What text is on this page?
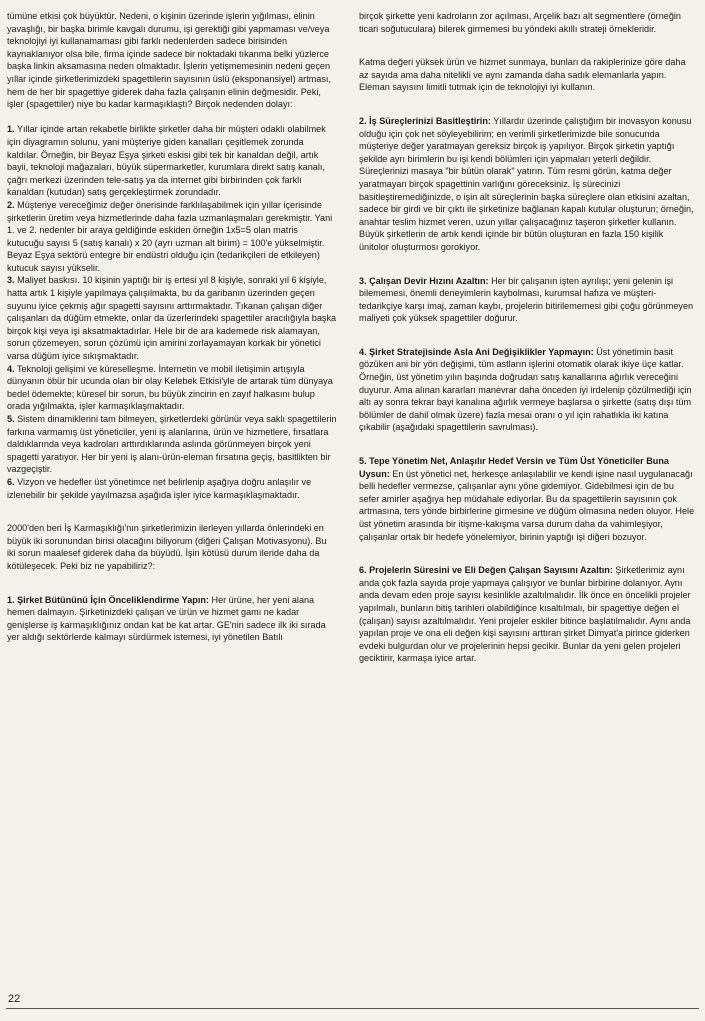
tümüne etkisi çok büyüktür. Nedeni, o kişinin üzerinde işlerin yığılması, elinin yavaşlığı, bir başka birimle kavgalı durumu, işi gerektiği gibi yapmaması ve/veya teknolojiyi iyi kullanamaması gibi farklı nedenlerden sadece birisinden kaynaklanıyor olsa bile, firma içinde sadece bir noktadaki tıkanma belki yüzlerce başka linkin aksamasına neden olmaktadır. İşlerin yetişmemesinin nedeni geçen yıllar içinde şirketlerimizdeki spagettilerin sayısının üslü (eksponansiyel) artması, hem de her bir spagettiye giderek daha fazla çalışanın elinin değmesidir. Peki, işler (spagettiler) niye bu kadar karmaşıklaştı? Birçok nedenden dolayı:

1. Yıllar içinde artan rekabetle birlikte şirketler daha bir müşteri odaklı olabilmek için diyagramın solunu, yani müşteriye giden kanalları çeşitlemek zorunda kaldılar. Örneğin, bir Beyaz Eşya şirketi eskisi gibi tek bir kanaldan değil, artık bayii, teknoloji mağazaları, büyük süpermarketler, kurumlara direkt satış kanalı, çağrı merkezi üzerinden tele-satış ya da internet gibi birbirinden çok farklı kanaldan (kutudan) satış gerçekleştirmek zorundadır.

2. Müşteriye vereceğimiz değer önerisinde farklılaşabilmek için yıllar içerisinde şirketlerin üretim veya hizmetlerinde daha fazla uzmanlaşmaları gerekmiştir. Yani 1. ve 2. nedenler bir araya geldiğinde eskiden örneğin 1x5=5 olan matris kutucuğu sayısı 5 (satış kanalı) x 20 (ayrı uzman alt birim) = 100'e yükselmiştir. Beyaz Eşya sektörü entegre bir endüstri olduğu için (tedarikçileri de etkileyen) kutucuk sayısı yükselir.

3. Maliyet baskısı. 10 kişinin yaptığı bir iş ertesi yıl 8 kişiyle, sonraki yıl 6 kişiyle, hatta artık 1 kişiyle yapılmaya çalışılmakta, bu da garibanın üzerinden geçen suyunu iyice çekmiş ağır spagetti sayısını arttırmaktadır. Tıkanan çalışan diğer çalışanları da düğüm etmekte, onlar da üzerlerindeki spagettiler aracılığıyla başka birçok kişi veya işi aksatmaktadırlar. Hele bir de ara kademede risk alamayan, sorun çözemeyen, sorun çözümü için amirini zorlayamayan korkak bir yönetici varsa düğüm iyice sıkışmaktadır.

4. Teknoloji gelişimi ve küreselleşme. İnternetin ve mobil iletişimin artışıyla dünyanın öbür bir ucunda olan bir olay Kelebek Etkisi'yle de artarak tüm dünyaya bedel ödemekte; küresel bir sorun, bu büyük zincirin en zayıf halkasını bulup orada yığılmakta, işler karmaşıklaşmaktadır.

5. Sistem dinamiklerini tam bilmeyen, şirketlerdeki görünür veya saklı spagettilerin farkına varmamış üst yöneticiler, yeni iş alanlarına, ürün ve hizmetlere, fırsatlara daldıklarında veya kadroları arttırdıklarında aslında görünmeyen birçok yeni spagetti yaratıyor. Her bir yeni iş alanı-ürün-eleman fırsatına geçiş, basitlikten bir vazgeçiştir.

6. Vizyon ve hedefler üst yönetimce net belirlenip aşağıya doğru anlaşılır ve izlenebilir bir şekilde yayılmazsa aşağıda işler iyice karmaşıklaşmaktadır.

2000'den beri İş Karmaşıklığı'nın şirketlerimizin ilerleyen yıllarda önlerindeki en büyük iki sorunundan birisi olacağını biliyorum (diğeri Çalışan Motivasyonu). Bu iki sorun maalesef giderek daha da büyüdü. İşin kötüsü durum ileride daha da kötüleşecek. Peki biz ne yapabiliriz?:

1. Şirket Bütününü İçin Önceliklendirme Yapın: Her ürüne, her yeni alana hemen dalmayın. Şirketinizdeki çalışan ve ürün ve hizmet gamı ne kadar genişlerse iş karmaşıklığınız ondan kat be kat artar. GE'nin sadece ilk iki sırada yer aldığı sektörlerde kalmayı sürdürmek istemesi, iyi yönetilen Batılı

birçok şirkette yeni kadroların zor açılması, Arçelik bazı alt segmentlere (örneğin ticari soğutuculara) bilerek girmemesi bu yöndeki akıllı strateji örnekleridir.

Katma değeri yüksek ürün ve hizmet sunmaya, bunları da rakiplerinize göre daha az sayıda ama daha nitelikli ve aynı zamanda daha sadık elemanlarla yapın. Eleman sayısını limitli tutmak için de teknolojiyi iyi kullanın.

2. İş Süreçlerinizi Basitleştirin: Yıllardır üzerinde çalıştığım bir inovasyon konusu olduğu için çok net söyleyebilirim; en verimli şirketlerimizde bile sonucunda müşteriye değer yaratmayan gereksiz birçok iş yapılıyor. Birçok şirketin yaptığı şekilde ayrı birimlerin bu işi kendi bölümleri için yapmaları yeterli değildir. Süreçlerinizi masaya "bir bütün olarak" yatırın. Tüm resmi görün, katma değer yaratmayan birçok spagettinin varlığını göreceksiniz. İş sürecinizi basitleştiremediğinizde, o işin alt süreçlerinin başka süreçlere olan etkisini azaltan, sadece bir girdi ve bir çıktı ile şirketinize bağlanan kapalı kutular oluşturun; örneğin, anahtar teslim hizmet veren, uzun yıllar çalışacağınız taşeron şirketler kullanın. Büyük şirketlerin de artık kendi içinde bir bütün oluşturan en fazla 150 kişilik ünitolor oluşturmosı gorokiyor.

3. Çalışan Devir Hızını Azaltın: Her bir çalışanın işten ayrılışı; yeni gelenin işi bilememesi, önemli deneyimlerin kaybolması, kurumsal hafıza ve müşteri-tedarikçiye karşı imaj, zaman kaybı, projelerin bitirilememesi gibi çoğu görünmeyen maliyeti çok yüksek spagettiler doğurur.

4. Şirket Stratejisinde Asla Ani Değişiklikler Yapmayın: Üst yönetimin basit gözüken ani bir yön değişimi, tüm astların işlerini otomatik olarak ikiye üçe katlar. Örneğin, üst yönetim yılın başında doğrudan satış kanallarına ağırlık vereceğini duyurur. Ama alınan kararları manevrar daha önceden iyi irdelenip çözülmediği için altı ay sonra tekrar bayi kanalına ağırlık vermeye başlarsa o şirkette (satış dışı tüm bölümler de dahil olmak üzere) fazla mesai oranı o yıl için rahatlıkla iki katına çıkabilir (aşağıdaki spagettilerin savrulması).

5. Tepe Yönetim Net, Anlaşılır Hedef Versin ve Tüm Üst Yöneticiler Buna Uysun: En üst yönetici net, herkesçe anlaşılabilir ve kendi işine nasıl uygulanacağı belli hedefler vermezse, çalışanlar aynı yöne gidemiyor. Gidebilmesi için de bu sefer amirler aşağıya hep müdahale ediyorlar. Bu da spagettilerin sayısının çok artmasına, ters yönde birbirlerine girmesine ve düğüm olmasına neden oluyor. Hele üst yönetim arasında bir itişme-kakışma varsa durum daha da vahimleşiyor, çalışanlar ortak bir hedefe yönelemiyor, birinin yaptığı işi diğeri bozuyor.

6. Projelerin Süresini ve Eli Değen Çalışan Sayısını Azaltın: Şirketlerimiz aynı anda çok fazla sayıda proje yapmaya çalışıyor ve bunlar birbirine dolanıyor. Aynı anda devam eden proje sayısı kesinlikle azaltılmalıdır. İlk önce en öncelikli projeler yapılmalı, bunların bitiş tarihleri olabildiğince kısaltılmalı, bir spagettiye değen el (çalışan) sayısı azaltılmalıdır. Yeni projeler eskiler bitince başlatılmalıdır. Aynı anda yapılan proje ve ona eli değen kişi sayısını arttıran şirket Dimyat'a pirince giderken evdeki bulgurdan olur ve projelerinin hepsi gecikir. Bunlar da yeni gelen projeleri geciktirir, karmaşa iyice artar.

22
